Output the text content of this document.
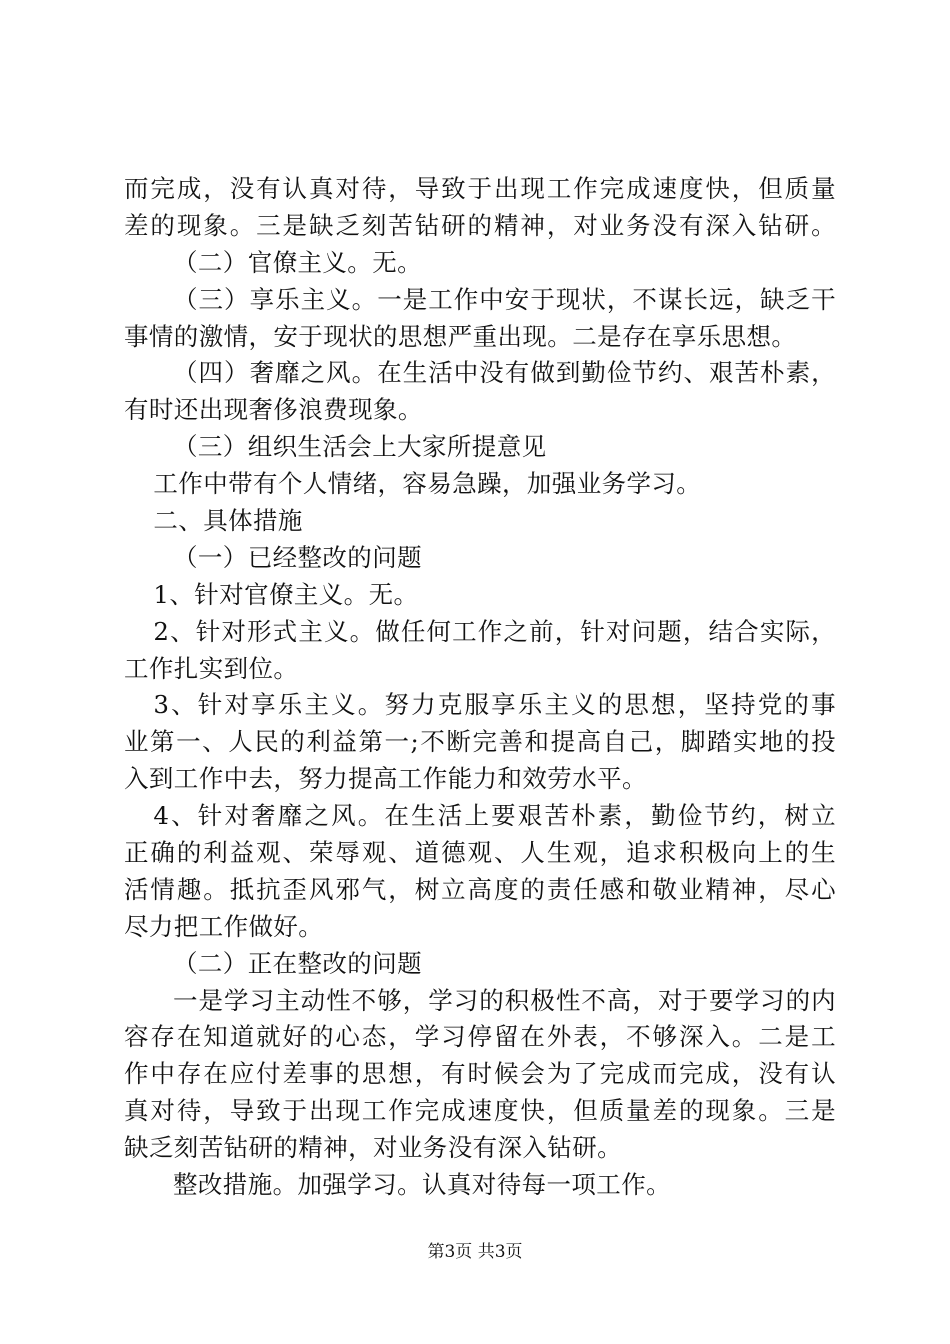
而完成，没有认真对待，导致于出现工作完成速度快，但质量
差的现象。三是缺乏刻苦钻研的精神，对业务没有深入钻研。
（二）官僚主义。无。
（三）享乐主义。一是工作中安于现状，不谋长远，缺乏干
事情的激情，安于现状的思想严重出现。二是存在享乐思想。
（四）奢靡之风。在生活中没有做到勤俭节约、艰苦朴素，
有时还出现奢侈浪费现象。
（三）组织生活会上大家所提意见
工作中带有个人情绪，容易急躁，加强业务学习。
二、具体措施
（一）已经整改的问题
1、针对官僚主义。无。
2、针对形式主义。做任何工作之前，针对问题，结合实际，
工作扎实到位。
3、针对享乐主义。努力克服享乐主义的思想，坚持党的事
业第一、人民的利益第一;不断完善和提高自己，脚踏实地的投
入到工作中去，努力提高工作能力和效劳水平。
4、针对奢靡之风。在生活上要艰苦朴素，勤俭节约，树立
正确的利益观、荣辱观、道德观、人生观，追求积极向上的生
活情趣。抵抗歪风邪气，树立高度的责任感和敬业精神，尽心
尽力把工作做好。
（二）正在整改的问题
一是学习主动性不够，学习的积极性不高，对于要学习的内
容存在知道就好的心态，学习停留在外表，不够深入。二是工
作中存在应付差事的思想，有时候会为了完成而完成，没有认
真对待，导致于出现工作完成速度快，但质量差的现象。三是
缺乏刻苦钻研的精神，对业务没有深入钻研。
整改措施。加强学习。认真对待每一项工作。
第3页 共3页
